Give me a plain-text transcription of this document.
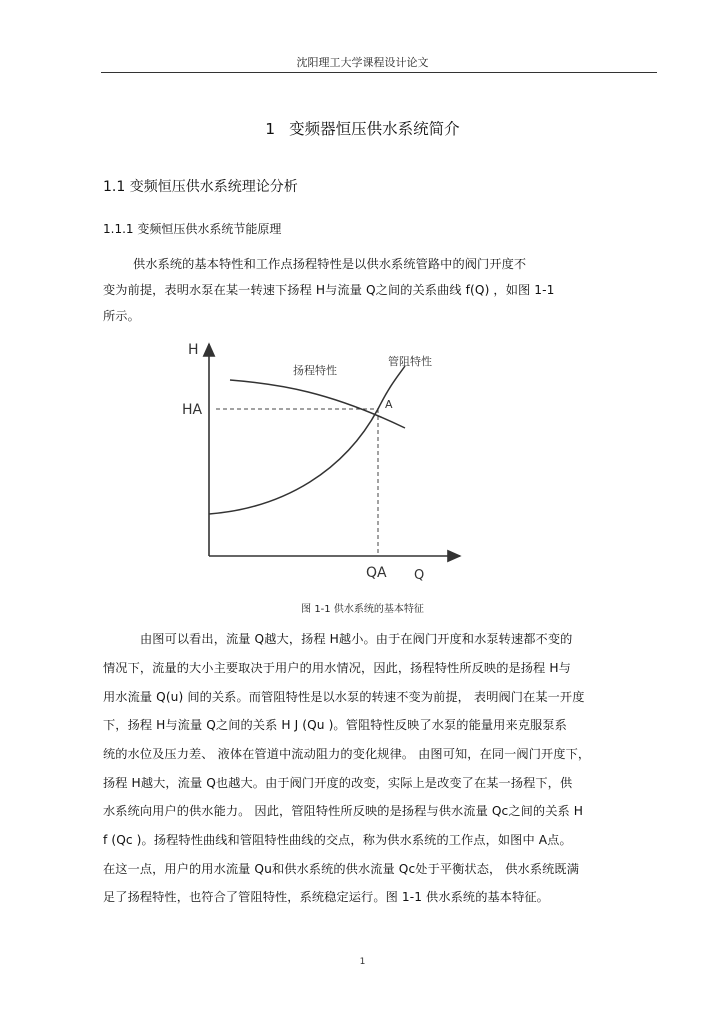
沈阳理工大学课程设计论文
1 变频器恒压供水系统简介
1.1 变频恒压供水系统理论分析
1.1.1 变频恒压供水系统节能原理
供水系统的基本特性和工作点扬程特性是以供水系统管路中的阀门开度不
变为前提，表明水泵在某一转速下扬程 H与流量 Q之间的关系曲线 f(Q) ，如图 1-1
所示。
H
Q
HA
QA
A
扬程特性
管阻特性
图 1-1 供水系统的基本特征
由图可以看出，流量 Q越大，扬程 H越小。由于在阀门开度和水泵转速都不变的
情况下，流量的大小主要取决于用户的用水情况，因此，扬程特性所反映的是扬程 H与
用水流量 Q(u) 间的关系。而管阻特性是以水泵的转速不变为前提， 表明阀门在某一开度
下，扬程 H与流量 Q之间的关系 H J (Qu )。管阻特性反映了水泵的能量用来克服泵系
统的水位及压力差、 液体在管道中流动阻力的变化规律。 由图可知，在同一阀门开度下，
扬程 H越大，流量 Q也越大。由于阀门开度的改变，实际上是改变了在某一扬程下，供
水系统向用户的供水能力。 因此，管阻特性所反映的是扬程与供水流量 Qc之间的关系 H
f (Qc )。扬程特性曲线和管阻特性曲线的交点，称为供水系统的工作点，如图中 A点。
在这一点，用户的用水流量 Qu和供水系统的供水流量 Qc处于平衡状态， 供水系统既满
足了扬程特性，也符合了管阻特性，系统稳定运行。图 1-1 供水系统的基本特征。
1
